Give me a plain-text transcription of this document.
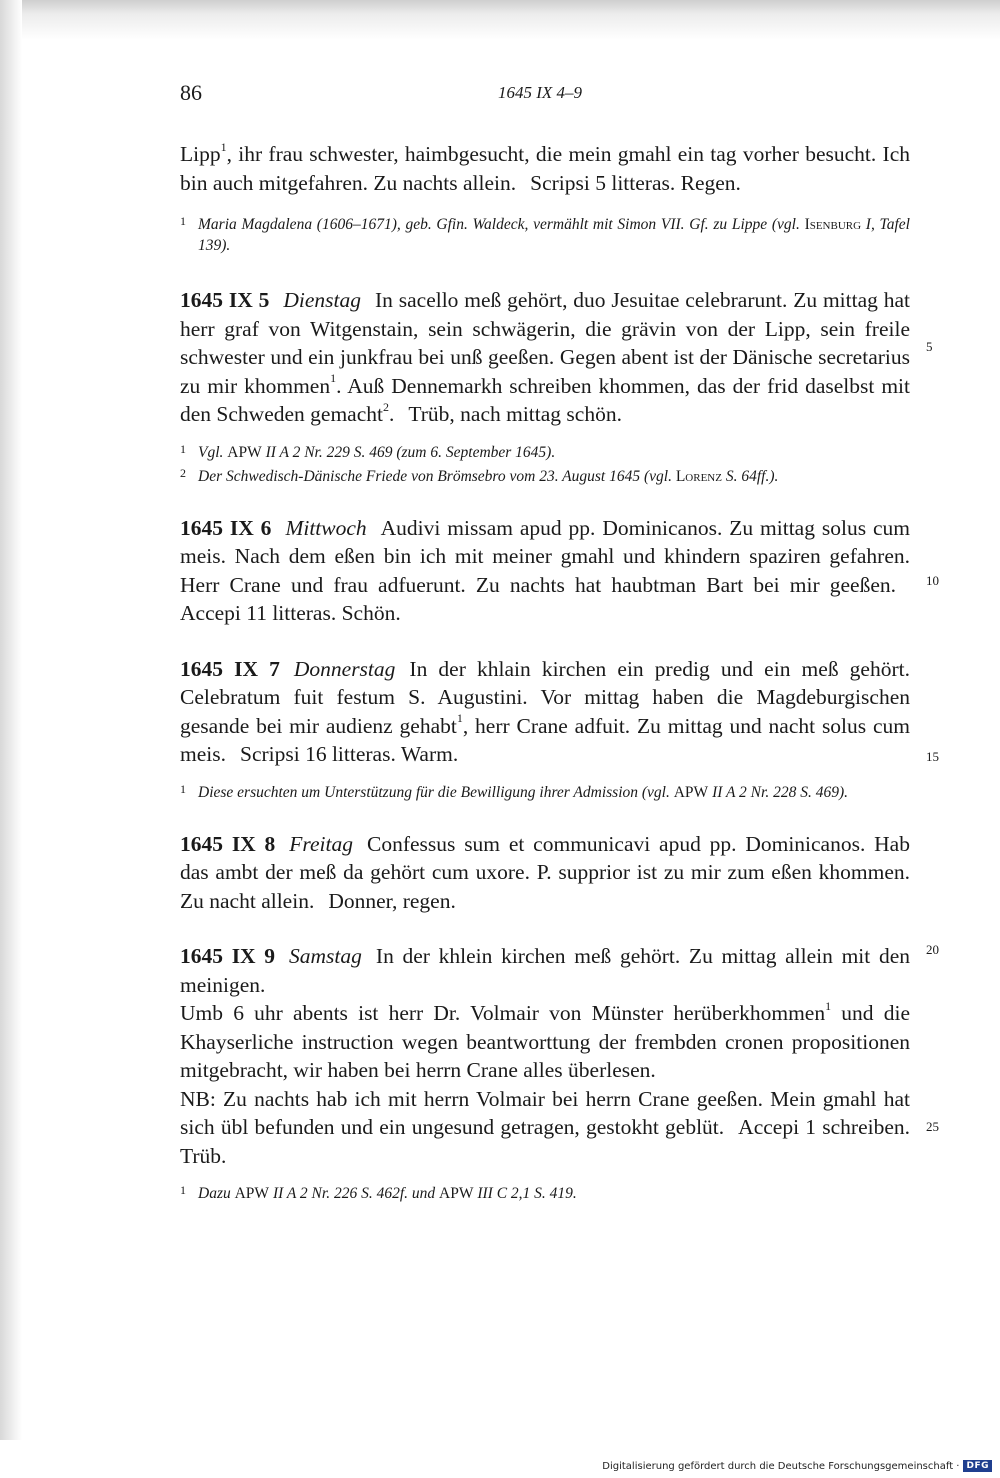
86	1645 IX 4–9

Lipp$^1$, ihr frau schwester, haimbgesucht, die mein gmahl ein tag vorher besucht. Ich bin auch mitgefahren. Zu nachts allein. Scripsi 5 litteras. Regen.

1 Maria Magdalena (1606–1671), geb. Gfin. Waldeck, vermählt mit Simon VII. Gf. zu Lippe (vgl. Isenburg I, Tafel 139).

1645 IX 5 Dienstag In sacello meß gehört, duo Jesuitae celebrarunt. Zu mittag hat herr graf von Witgenstain, sein schwägerin, die grävin von der Lipp, sein freile schwester und ein junkfrau bei unß geeßen. Gegen abent ist der Dänische secretarius zu mir khommen$^1$. Auß Dennemarkh schreiben khommen, das der frid daselbst mit den Schweden gemacht$^2$. Trüb, nach mittag schön.

1 Vgl. APW II A 2 Nr. 229 S. 469 (zum 6. September 1645).

2 Der Schwedisch-Dänische Friede von Brömsebro vom 23. August 1645 (vgl. Lorenz S. 64ff.).

1645 IX 6 Mittwoch Audivi missam apud pp. Dominicanos. Zu mittag solus cum meis. Nach dem eßen bin ich mit meiner gmahl und khindern spaziren gefahren. Herr Crane und frau adfuerunt. Zu nachts hat haubtman Bart bei mir geeßen.Accepi 11 litteras. Schön.

1645 IX 7 Donnerstag In der khlain kirchen ein predig und ein meß gehört. Celebratum fuit festum S. Augustini. Vor mittag haben die Magdeburgischen gesande bei mir audienz gehabt$^1$, herr Crane adfuit. Zu mittag und nacht solus cum meis. Scripsi 16 litteras. Warm.

1 Diese ersuchten um Unterstützung für die Bewilligung ihrer Admission (vgl. APW II A 2 Nr. 228 S. 469).

1645 IX 8 Freitag Confessus sum et communicavi apud pp. Dominicanos. Hab das ambt der meß da gehört cum uxore. P. supprior ist zu mir zum eßen khommen. Zu nacht allein. Donner, regen.

1645 IX 9 Samstag In der khlein kirchen meß gehört. Zu mittag allein mit den meinigen.

Umb 6 uhr abents ist herr Dr. Volmair von Münster herüberkhommen$^1$ und die Khayserliche instruction wegen beantworttung der frembden cronen propositionen mitgebracht, wir haben bei herrn Crane alles überlesen.

NB: Zu nachts hab ich mit herrn Volmair bei herrn Crane geeßen. Mein gmahl hat sich übl befunden und ein ungesund getragen, gestokht geblüt. Accepi 1 schreiben. Trüb.

1 Dazu APW II A 2 Nr. 226 S. 462f. und APW III C 2,1 S. 419.

5
10
15
20
25
Digitalisierung gefördert durch die Deutsche Forschungsgemeinschaft · DFG
